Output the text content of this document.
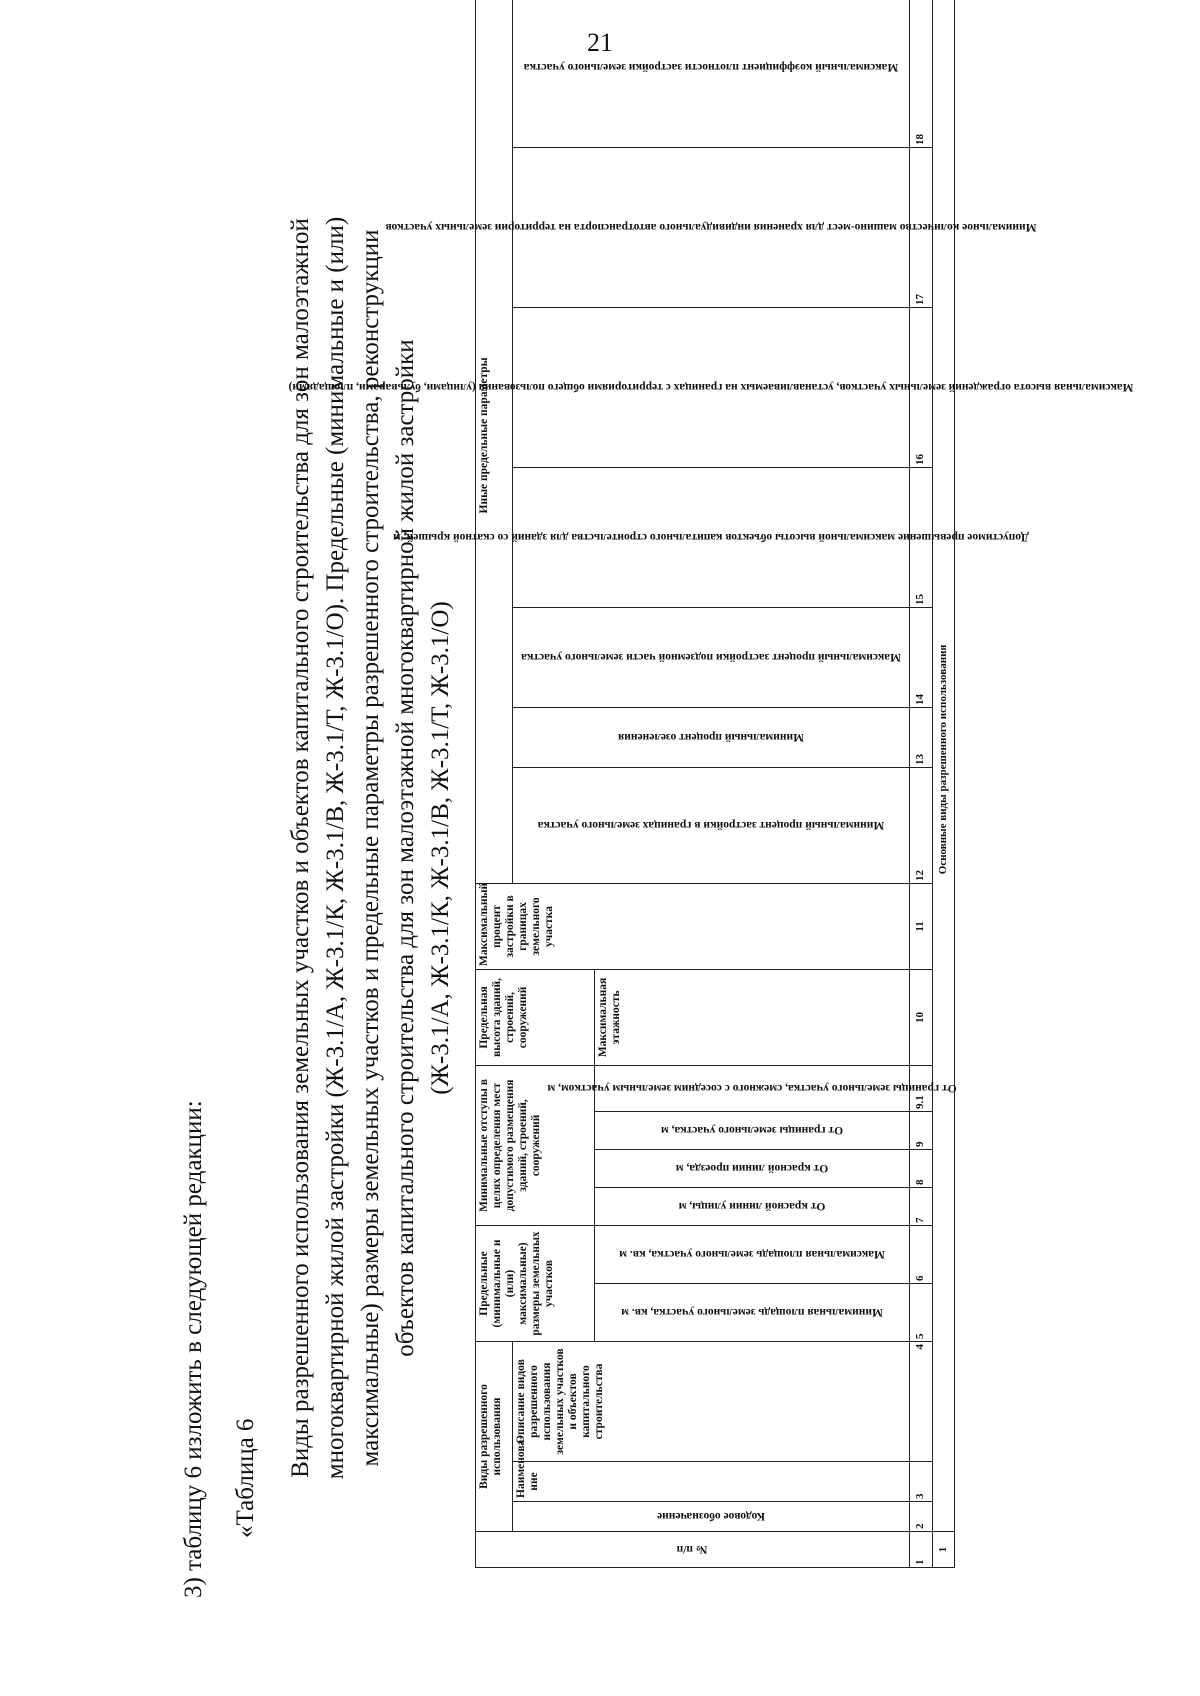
21
3) таблицу 6 изложить в следующей редакции: «Таблица 6
Виды разрешенного использования земельных участков и объектов капитального строительства для зон малоэтажной многоквартирной жилой застройки (Ж-3.1/А, Ж-3.1/К, Ж-3.1/В, Ж-3.1/Т, Ж-3.1/О). Предельные (минимальные и (или) максимальные) размеры земельных участков и предельные параметры разрешенного строительства, реконструкции объектов капитального строительства для зон малоэтажной многоквартирной жилой застройки (Ж-3.1/А, Ж-3.1/К, Ж-3.1/В, Ж-3.1/Т, Ж-3.1/О)
№ п/п	Виды разрешенного использования			Предельные (минимальные и (или) максимальные) размеры земельных участков		Минимальные отступы в целях определения мест допустимого размещения зданий, строений, сооружений				Предельная высота зданий, строений, сооружений	Максимальный процент застройки в границах земельного участка	Иные предельные параметры						

	Кодовое обозначение	Наименова-ние	Описание видов разрешенного использования земельных участков и объектов капитального строительства									Минимальный процент застройки в границах земельного участка	Минимальный процент озеленения	Максимальный процент застройки подземной части земельного участка	Допустимое превышение максимальной высоты объектов капитального строительства для зданий со скатной крышей, м	Максимальная высота ограждений земельных участков, устанавливаемых на границах с территориями общего пользования (улицами, бульварами, площадями)	Минимальное количество машино-мест для хранения индивидуального автотранспорта на территории земельных участков	Максимальный коэффициент плотности застройки земельного участка

				Минимальная площадь земельного участка, кв. м	Максимальная площадь земельного участка, кв. м	От красной линии улицы, м	От красной линии проезда, м	От границы земельного участка, м	От границы земельного участка, смежного с соседним земельным участком, м	Максимальная этажность								
1	2	3	4	5	6	7	8	9	9.1	10	11	12	13	14	15	16	17	18
1	Основные виды разрешенного использования																	
